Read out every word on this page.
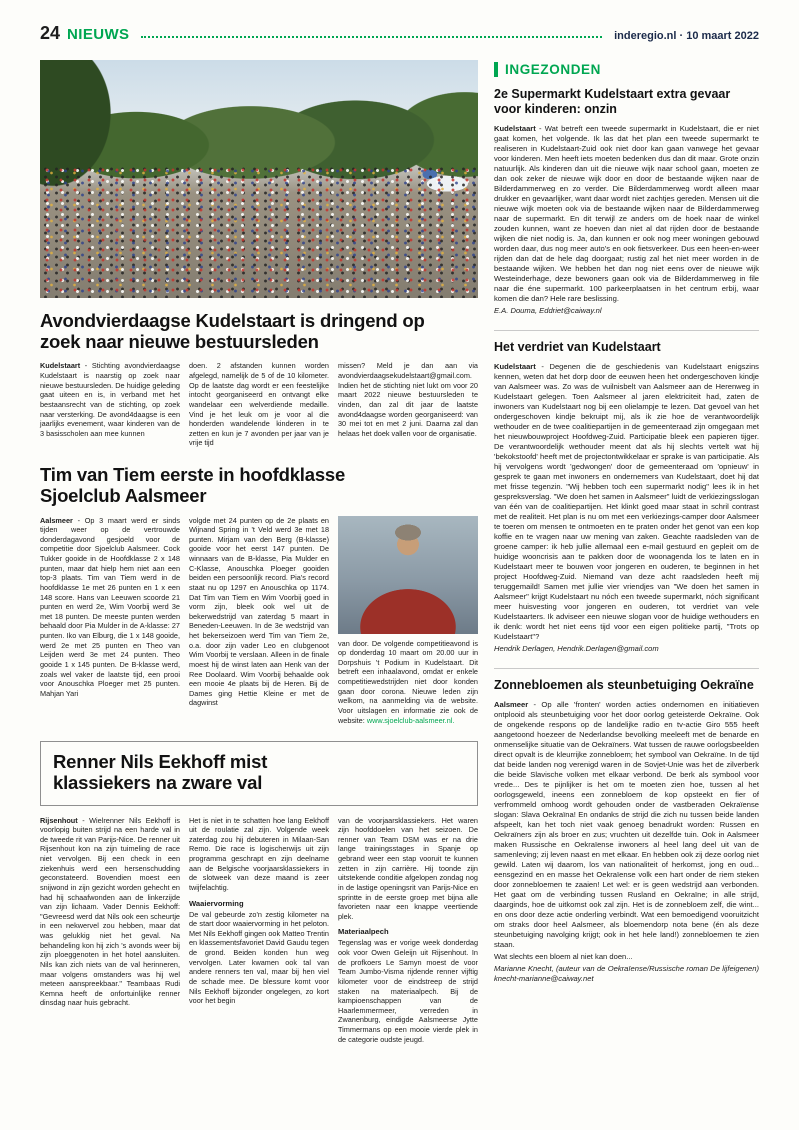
24 NIEUWS	inderegio.nl · 10 maart 2022
Avondvierdaagse Kudelstaart is dringend op zoek naar nieuwe bestuursleden

Kudelstaart - Stichting avondvierdaagse Kudelstaart is naarstig op zoek naar nieuwe bestuursleden. De huidige geleding gaat uiteen en is, in verband met het bestaansrecht van de stichting, op zoek naar versterking. De avond4daagse is een jaarlijks evenement, waar kinderen van de 3 basisscholen aan mee kunnen

doen. 2 afstanden kunnen worden afgelegd, namelijk de 5 of de 10 kilometer. Op de laatste dag wordt er een feestelijke intocht georganiseerd en ontvangt elke wandelaar een welverdiende medaille. Vind je het leuk om je voor al die honderden wandelende kinderen in te zetten en kun je 7 avonden per jaar van je vrije tijd

missen? Meld je dan aan via avondvierdaagsekudelstaart@gmail.com. Indien het de stichting niet lukt om voor 20 maart 2022 nieuwe bestuursleden te vinden, dan zal dit jaar de laatste avond4daagse worden georganiseerd: van 30 mei tot en met 2 juni. Daarna zal dan helaas het doek vallen voor de organisatie.

Tim van Tiem eerste in hoofdklasse Sjoelclub Aalsmeer

Aalsmeer - Op 3 maart werd er sinds tijden weer op de vertrouwde donderdagavond gesjoeld voor de competitie door Sjoelclub Aalsmeer. Cock Tukker gooide in de Hoofdklasse 2 x 148 punten, maar dat hielp hem niet aan een top-3 plaats. Tim van Tiem werd in de hoofdklasse 1e met 26 punten en 1 x een 148 score. Hans van Leeuwen scoorde 21 punten en werd 2e, Wim Voorbij werd 3e met 18 punten. De meeste punten werden behaald door Pia Mulder in de A-klasse: 27 punten. Iko van Elburg, die 1 x 148 gooide, werd 2e met 25 punten en Theo van Leijden werd 3e met 24 punten. Theo gooide 1 x 145 punten. De B-klasse werd, zoals wel vaker de laatste tijd, een prooi voor Anouschka Ploeger met 25 punten. Mahjan Yari

volgde met 24 punten op de 2e plaats en Wijnand Spring in 't Veld werd 3e met 18 punten. Mirjam van den Berg (B-klasse) gooide voor het eerst 147 punten. De winnaars van de B-klasse, Pia Mulder en C-Klasse, Anouschka Ploeger gooiden beiden een persoonlijk record. Pia's record staat nu op 1297 en Anouschka op 1174. Dat Tim van Tiem en Wim Voorbij goed in vorm zijn, bleek ook wel uit de bekerwedstrijd van zaterdag 5 maart in Beneden-Leeuwen. In de 3e wedstrijd van het bekerseizoen werd Tim van Tiem 2e, o.a. door zijn vader Leo en clubgenoot Wim Voorbij te verslaan. Alleen in de finale moest hij de winst laten aan Henk van der Ree Doolaard. Wim Voorbij behaalde ook een mooie 4e plaats bij de Heren. Bij de Dames ging Hettie Kleine er met de dagwinst

van door. De volgende competitieavond is op donderdag 10 maart om 20.00 uur in Dorpshuis 't Podium in Kudelstaart. Dit betreft een inhaalavond, omdat er enkele competitiewedstrijden niet door konden gaan door corona. Nieuwe leden zijn welkom, na aanmelding via de website. Voor uitslagen en informatie zie ook de website: www.sjoelclub-aalsmeer.nl.
Renner Nils Eekhoff mist klassiekers na zware val

Rijsenhout - Wielrenner Nils Eekhoff is voorlopig buiten strijd na een harde val in de tweede rit van Parijs-Nice. De renner uit Rijsenhout kon na zijn tuimeling de race niet vervolgen. Bij een check in een ziekenhuis werd een hersenschudding geconstateerd. Bovendien moest een snijwond in zijn gezicht worden gehecht en had hij schaafwonden aan de linkerzijde van zijn lichaam. Vader Dennis Eekhoff: "Gevreesd werd dat Nils ook een scheurtje in een nekwervel zou hebben, maar dat was gelukkig niet het geval. Na behandeling kon hij zich 's avonds weer bij zijn ploeggenoten in het hotel aansluiten. Nils kan zich niets van de val herinneren, maar volgens omstanders was hij wel meteen aanspreekbaar." Teambaas Rudi Kemna heeft de onfortuinlijke renner dinsdag naar huis gebracht.

Het is niet in te schatten hoe lang Eekhoff uit de roulatie zal zijn. Volgende week zaterdag zou hij debuteren in Milaan-San Remo. Die race is logischerwijs uit zijn programma geschrapt en zijn deelname aan de Belgische voorjaarsklassiekers in de slotweek van deze maand is zeer twijfelachtig.
Waaiervorming
De val gebeurde zo'n zestig kilometer na de start door waaiervorming in het peloton. Met Nils Eekhoff gingen ook Matteo Trentin en klassementsfavoriet David Gaudu tegen de grond. Beiden konden hun weg vervolgen. Later kwamen ook tal van andere renners ten val, maar bij hen viel de schade mee. De blessure komt voor Nils Eekhoff bijzonder ongelegen, zo kort voor het begin
van de voorjaarsklassiekers. Het waren zijn hoofddoelen van het seizoen. De renner van Team DSM was er na drie lange trainingsstages in Spanje op gebrand weer een stap vooruit te kunnen zetten in zijn carrière. Hij toonde zijn uitstekende conditie afgelopen zondag nog in de lastige openingsrit van Parijs-Nice en sprintte in de eerste groep met bijna alle favorieten naar een knappe veertiende plek.
Materiaalpech
Tegenslag was er vorige week donderdag ook voor Owen Geleijn uit Rijsenhout. In de profkoers Le Samyn moest de voor Team Jumbo-Visma rijdende renner vijftig kilometer voor de eindstreep de strijd staken na materiaalpech. Bij de kampioenschappen van de Haarlemmermeer, verreden in Zwanenburg, eindigde Aalsmeerse Jytte Timmermans op een mooie vierde plek in de categorie oudste jeugd.
INGEZONDEN
2e Supermarkt Kudelstaart extra gevaar voor kinderen: onzin

Kudelstaart - Wat betreft een tweede supermarkt in Kudelstaart, die er niet gaat komen, het volgende. Ik las dat het plan een tweede supermarkt te realiseren in Kudelstaart-Zuid ook niet door kan gaan vanwege het gevaar voor kinderen. Men heeft iets moeten bedenken dus dan dit maar. Grote onzin natuurlijk. Als kinderen dan uit die nieuwe wijk naar school gaan, moeten ze dan ook zeker de nieuwe wijk door en door de bestaande wijken naar de Bilderdammerweg en zo verder. Die Bilderdammerweg wordt alleen maar drukker en gevaarlijker, want daar wordt niet zachtjes gereden. Mensen uit die nieuwe wijk moeten ook via de bestaande wijken naar de Bilderdammerweg naar de supermarkt. En dit terwijl ze anders om de hoek naar de winkel zouden kunnen, want ze hoeven dan niet al dat rijden door de bestaande wijken die niet nodig is. Ja, dan kunnen er ook nog meer woningen gebouwd worden daar, dus nog meer auto's en ook fietsverkeer. Dus een heen-en-weer rijden dan dat de hele dag doorgaat; rustig zal het niet meer worden in de bestaande wijken. We hebben het dan nog niet eens over de nieuwe wijk Westeinderhage, deze bewoners gaan ook via de Bilderdammerweg in file naar die éne supermarkt. 100 parkeerplaatsen in het centrum erbij, waar komen die dan? Hele rare beslissing.

E.A. Douma, Eddriet@caiway.nl

Het verdriet van Kudelstaart

Kudelstaart - Degenen die de geschiedenis van Kudelstaart enigszins kennen, weten dat het dorp door de eeuwen heen het ondergeschoven kindje van Aalsmeer was. Zo was de vuilnisbelt van Aalsmeer aan de Herenweg in Kudelstaart gelegen. Toen Aalsmeer al jaren elektriciteit had, zaten de inwoners van Kudelstaart nog bij een olielampje te lezen. Dat gevoel van het ondergeschoven kindje bekruipt mij, als ik zie hoe de verantwoordelijk wethouder en de twee coalitiepartijen in de gemeenteraad zijn omgegaan met het nieuwbouwproject Hoofdweg-Zuid. Participatie bleek een papieren tijger. De verantwoordelijk wethouder meent dat als hij slechts vertelt wat hij 'bekokstoofd' heeft met de projectontwikkelaar er sprake is van participatie. Als hij vervolgens wordt 'gedwongen' door de gemeenteraad om 'opnieuw' in gesprek te gaan met inwoners en ondernemers van Kudelstaart, doet hij dat met frisse tegenzin. "Wij hebben toch een supermarkt nodig" lees ik in het gespreksverslag. "We doen het samen in Aalsmeer" luidt de verkiezingsslogan van één van de coalitiepartijen. Het klinkt goed maar staat in schril contrast met de realiteit. Het plan is nu om met een verkiezings-camper door Aalsmeer te toeren om mensen te ontmoeten en te praten onder het genot van een kop koffie en te vragen naar uw mening van zaken. Geachte raadsleden van de groene camper: ik heb jullie allemaal een e-mail gestuurd en gepleit om de huidige wooncrisis aan te pakken door de woonagenda los te laten en in Kudelstaart meer te bouwen voor jongeren en ouderen, te beginnen in het project Hoofdweg-Zuid. Niemand van deze acht raadsleden heeft mij teruggemaild! Samen met jullie vier vriendjes van "We doen het samen in Aalsmeer" krijgt Kudelstaart nu nóch een tweede supermarkt, nóch significant meer huisvesting voor jongeren en ouderen, tot verdriet van vele Kudelstaarters. Ik adviseer een nieuwe slogan voor de huidige wethouders en ik denk: wordt het niet eens tijd voor een eigen politieke partij, "Trots op Kudelstaart"?

Hendrik Derlagen, Hendrik.Derlagen@gmail.com

Zonnebloemen als steunbetuiging Oekraïne

Aalsmeer - Op alle 'fronten' worden acties ondernomen en initiatieven ontplooid als steunbetuiging voor het door oorlog geteisterde Oekraïne. Ook de ongekende respons op de landelijke radio en tv-actie Giro 555 heeft aangetoond hoezeer de Nederlandse bevolking meeleeft met de benarde en onmenselijke situatie van de Oekraïners. Wat tussen de rauwe oorlogsbeelden direct opvalt is de kleurrijke zonnebloem; het symbool van Oekraïne. In de tijd dat beide landen nog verenigd waren in de Sovjet-Unie was het de zilverberk die beide Slavische volken met elkaar verbond. De berk als symbool voor vrede... Des te pijnlijker is het om te moeten zien hoe, tussen al het oorlogsgeweld, ineens een zonnebloem de kop opsteekt en fier of verfrommeld omhoog wordt gehouden onder de vastberaden Oekraïense slogan: Slava Oekraïna! En ondanks de strijd die zich nu tussen beide landen afspeelt, kan het toch niet vaak genoeg benadrukt worden: Russen en Oekraïners zijn als broer en zus; vruchten uit dezelfde tuin. Ook in Aalsmeer maken Russische en Oekraïense inwoners al heel lang deel uit van de samenleving; zij leven naast en met elkaar. En hebben ook zij deze oorlog niet gewild. Laten wij daarom, los van nationaliteit of herkomst, jong en oud... eensgezind en en masse het Oekraïense volk een hart onder de riem steken door zonnebloemen te zaaien! Let wel: er is geen wedstrijd aan verbonden. Het gaat om de verbinding tussen Rusland en Oekraïne; in alle strijd, daarginds, hoe de uitkomst ook zal zijn. Het is de zonnebloem zelf, die wint... en ons door deze actie onderling verbindt. Wat een bemoedigend vooruitzicht om straks door heel Aalsmeer, als bloemendorp nota bene (én als deze steunbetuiging navolging krijgt; ook in het hele land!) zonnebloemen te zien staan.

Wat slechts een bloem al niet kan doen...

Marianne Knecht, (auteur van de Oekraïense/Russische roman De lijfeigenen) knecht-marianne@caiway.net
